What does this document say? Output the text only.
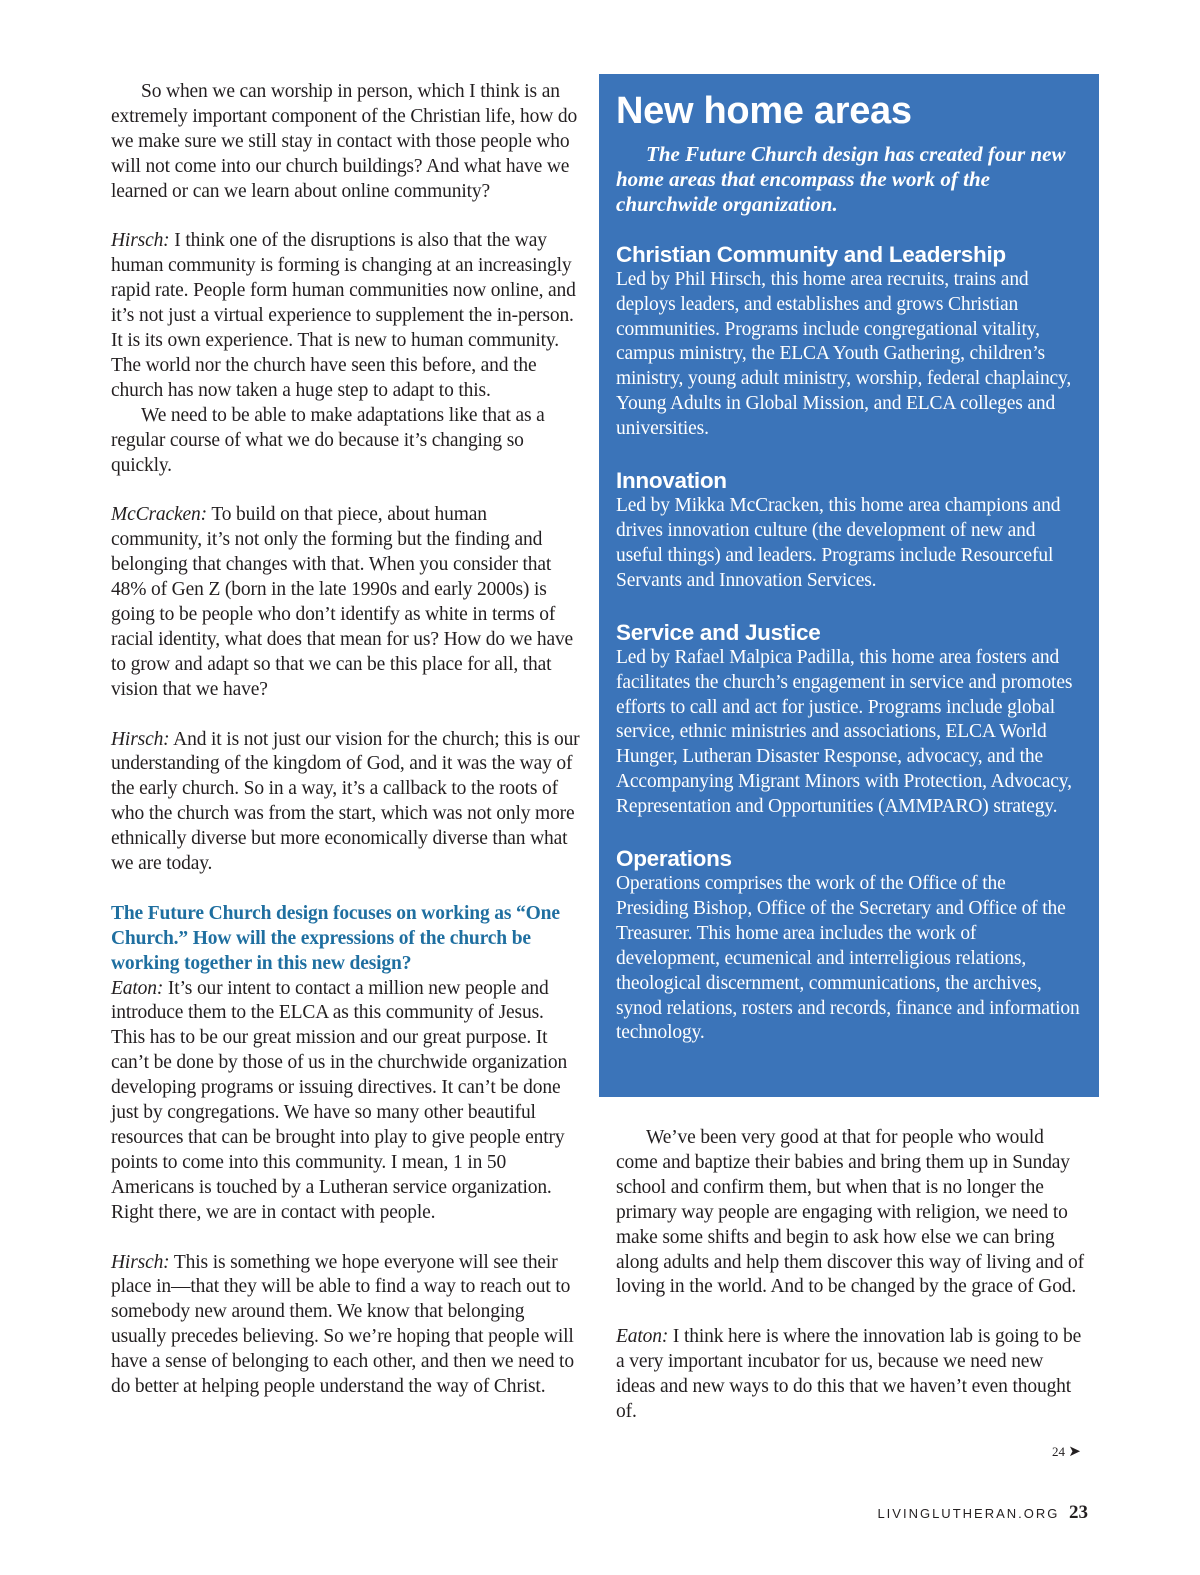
So when we can worship in person, which I think is an extremely important component of the Christian life, how do we make sure we still stay in contact with those people who will not come into our church buildings? And what have we learned or can we learn about online community?

Hirsch: I think one of the disruptions is also that the way human community is forming is changing at an increasingly rapid rate. People form human communities now online, and it’s not just a virtual experience to supplement the in-person. It is its own experience. That is new to human community. The world nor the church have seen this before, and the church has now taken a huge step to adapt to this.

We need to be able to make adaptations like that as a regular course of what we do because it’s changing so quickly.

McCracken: To build on that piece, about human community, it’s not only the forming but the finding and belonging that changes with that. When you consider that 48% of Gen Z (born in the late 1990s and early 2000s) is going to be people who don’t identify as white in terms of racial identity, what does that mean for us? How do we have to grow and adapt so that we can be this place for all, that vision that we have?

Hirsch: And it is not just our vision for the church; this is our understanding of the kingdom of God, and it was the way of the early church. So in a way, it’s a callback to the roots of who the church was from the start, which was not only more ethnically diverse but more economically diverse than what we are today.

The Future Church design focuses on working as “One Church.” How will the expressions of the church be working together in this new design?
Eaton: It’s our intent to contact a million new people and introduce them to the ELCA as this community of Jesus. This has to be our great mission and our great purpose. It can’t be done by those of us in the churchwide organization developing programs or issuing directives. It can’t be done just by congregations. We have so many other beautiful resources that can be brought into play to give people entry points to come into this community. I mean, 1 in 50 Americans is touched by a Lutheran service organization. Right there, we are in contact with people.

Hirsch: This is something we hope everyone will see their place in—that they will be able to find a way to reach out to somebody new around them. We know that belonging usually precedes believing. So we’re hoping that people will have a sense of belonging to each other, and then we need to do better at helping people understand the way of Christ.

New home areas

The Future Church design has created four new home areas that encompass the work of the churchwide organization.

Christian Community and Leadership

Led by Phil Hirsch, this home area recruits, trains and deploys leaders, and establishes and grows Christian communities. Programs include congregational vitality, campus ministry, the ELCA Youth Gathering, children’s ministry, young adult ministry, worship, federal chaplaincy, Young Adults in Global Mission, and ELCA colleges and universities.

Innovation

Led by Mikka McCracken, this home area champions and drives innovation culture (the development of new and useful things) and leaders. Programs include Resourceful Servants and Innovation Services.

Service and Justice

Led by Rafael Malpica Padilla, this home area fosters and facilitates the church’s engagement in service and promotes efforts to call and act for justice. Programs include global service, ethnic ministries and associations, ELCA World Hunger, Lutheran Disaster Response, advocacy, and the Accompanying Migrant Minors with Protection, Advocacy, Representation and Opportunities (AMMPARO) strategy.

Operations

Operations comprises the work of the Office of the Presiding Bishop, Office of the Secretary and Office of the Treasurer. This home area includes the work of development, ecumenical and interreligious relations, theological discernment, communications, the archives, synod relations, rosters and records, finance and information technology.

We’ve been very good at that for people who would come and baptize their babies and bring them up in Sunday school and confirm them, but when that is no longer the primary way people are engaging with religion, we need to make some shifts and begin to ask how else we can bring along adults and help them discover this way of living and of loving in the world. And to be changed by the grace of God.

Eaton: I think here is where the innovation lab is going to be a very important incubator for us, because we need new ideas and new ways to do this that we haven’t even thought of.

24 ➤
LIVINGLUTHERAN.ORG 23
